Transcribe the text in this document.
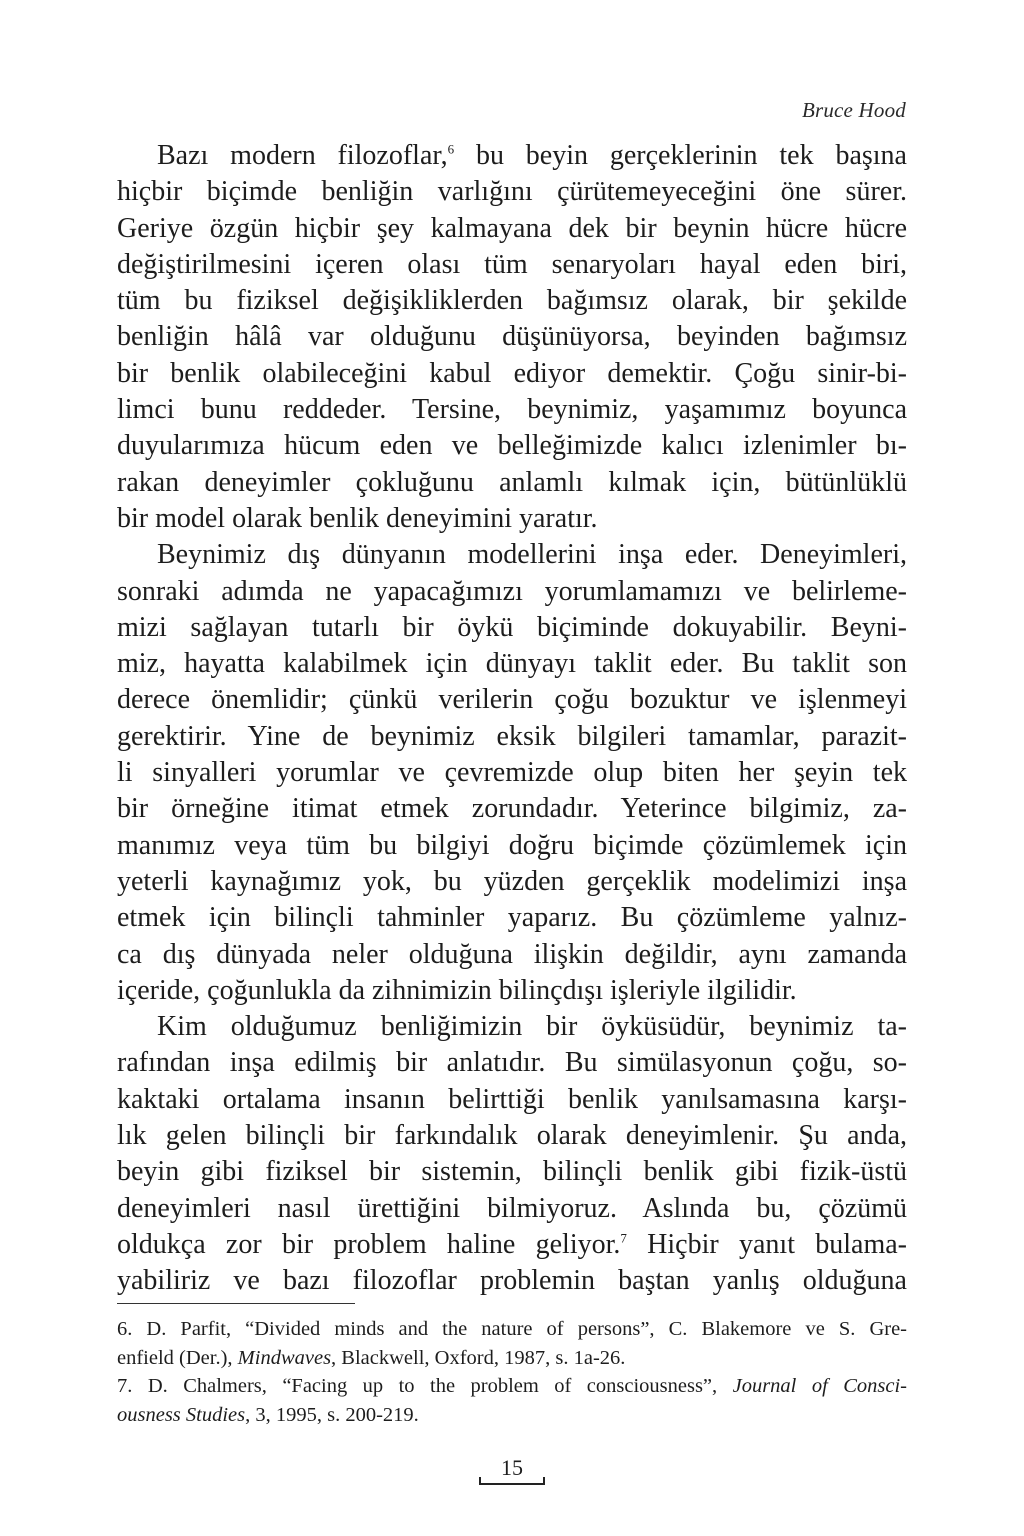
Bruce Hood
Bazı modern filozoflar,$^6$ bu beyin gerçeklerinin tek başına
hiçbir biçimde benliğin varlığını çürütemeyeceğini öne sürer.
Geriye özgün hiçbir şey kalmayana dek bir beynin hücre hücre
değiştirilmesini içeren olası tüm senaryoları hayal eden biri,
tüm bu fiziksel değişikliklerden bağımsız olarak, bir şekilde
benliğin hâlâ var olduğunu düşünüyorsa, beyinden bağımsız
bir benlik olabileceğini kabul ediyor demektir. Çoğu sinir-bi-
limci bunu reddeder. Tersine, beynimiz, yaşamımız boyunca
duyularımıza hücum eden ve belleğimizde kalıcı izlenimler bı-
rakan deneyimler çokluğunu anlamlı kılmak için, bütünlüklü
bir model olarak benlik deneyimini yaratır.
Beynimiz dış dünyanın modellerini inşa eder. Deneyimleri,
sonraki adımda ne yapacağımızı yorumlamamızı ve belirleme-
mizi sağlayan tutarlı bir öykü biçiminde dokuyabilir. Beyni-
miz, hayatta kalabilmek için dünyayı taklit eder. Bu taklit son
derece önemlidir; çünkü verilerin çoğu bozuktur ve işlenmeyi
gerektirir. Yine de beynimiz eksik bilgileri tamamlar, parazit-
li sinyalleri yorumlar ve çevremizde olup biten her şeyin tek
bir örneğine itimat etmek zorundadır. Yeterince bilgimiz, za-
manımız veya tüm bu bilgiyi doğru biçimde çözümlemek için
yeterli kaynağımız yok, bu yüzden gerçeklik modelimizi inşa
etmek için bilinçli tahminler yaparız. Bu çözümleme yalnız-
ca dış dünyada neler olduğuna ilişkin değildir, aynı zamanda
içeride, çoğunlukla da zihnimizin bilinçdışı işleriyle ilgilidir.
Kim olduğumuz benliğimizin bir öyküsüdür, beynimiz ta-
rafından inşa edilmiş bir anlatıdır. Bu simülasyonun çoğu, so-
kaktaki ortalama insanın belirttiği benlik yanılsamasına karşı-
lık gelen bilinçli bir farkındalık olarak deneyimlenir. Şu anda,
beyin gibi fiziksel bir sistemin, bilinçli benlik gibi fizik-üstü
deneyimleri nasıl ürettiğini bilmiyoruz. Aslında bu, çözümü
oldukça zor bir problem haline geliyor.$^7$ Hiçbir yanıt bulama-
yabiliriz ve bazı filozoflar problemin baştan yanlış olduğuna
6. D. Parfit, “Divided minds and the nature of persons”, C. Blakemore ve S. Gre-
enfield (Der.), Mindwaves, Blackwell, Oxford, 1987, s. 1a-26.
7. D. Chalmers, “Facing up to the problem of consciousness”, Journal of Consci-
ousness Studies, 3, 1995, s. 200-219.
15
